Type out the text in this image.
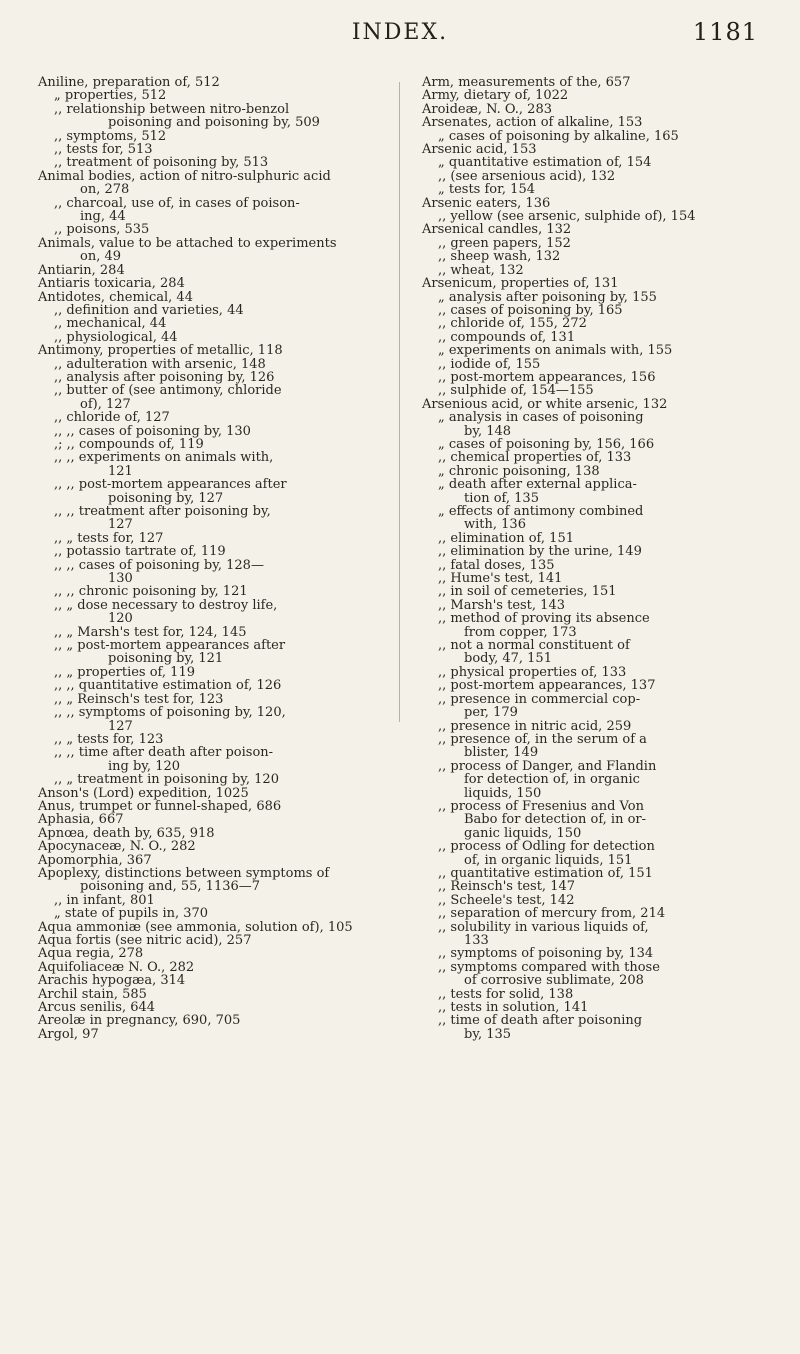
INDEX.	1181

Aniline, preparation of, 512

„ properties, 512

,, relationship between nitro-benzol

poisoning and poisoning by, 509

,, symptoms, 512

,, tests for, 513

,, treatment of poisoning by, 513

Animal bodies, action of nitro-sulphuric acid

on, 278

,, charcoal, use of, in cases of poison-

ing, 44

,, poisons, 535

Animals, value to be attached to experiments

on, 49

Antiarin, 284

Antiaris toxicaria, 284

Antidotes, chemical, 44

,, definition and varieties, 44

,, mechanical, 44

,, physiological, 44

Antimony, properties of metallic, 118

,, adulteration with arsenic, 148

,, analysis after poisoning by, 126

,, butter of (see antimony, chloride

of), 127

,, chloride of, 127

,, ,, cases of poisoning by, 130

,; ,, compounds of, 119

,, ,, experiments on animals with,

121

,, ,, post-mortem appearances after

poisoning by, 127

,, ,, treatment after poisoning by,

127

,, „ tests for, 127

,, potassio tartrate of, 119

,, ,, cases of poisoning by, 128—

130

,, ,, chronic poisoning by, 121

,, „ dose necessary to destroy life,

120

,, „ Marsh's test for, 124, 145

,, „ post-mortem appearances after

poisoning by, 121

,, „ properties of, 119

,, ,, quantitative estimation of, 126

,, „ Reinsch's test for, 123

,, ,, symptoms of poisoning by, 120,

127

,, „ tests for, 123

,, ,, time after death after poison-

ing by, 120

,, „ treatment in poisoning by, 120

Anson's (Lord) expedition, 1025

Anus, trumpet or funnel-shaped, 686

Aphasia, 667

Apnœa, death by, 635, 918

Apocynaceæ, N. O., 282

Apomorphia, 367

Apoplexy, distinctions between symptoms of

poisoning and, 55, 1136—7

,, in infant, 801

„ state of pupils in, 370

Aqua ammoniæ (see ammonia, solution of), 105

Aqua fortis (see nitric acid), 257

Aqua regia, 278

Aquifoliaceæ N. O., 282

Arachis hypogæa, 314

Archil stain, 585

Arcus senilis, 644

Areolæ in pregnancy, 690, 705

Argol, 97

Arm, measurements of the, 657

Army, dietary of, 1022

Aroideæ, N. O., 283

Arsenates, action of alkaline, 153

„ cases of poisoning by alkaline, 165

Arsenic acid, 153

„ quantitative estimation of, 154

,, (see arsenious acid), 132

„ tests for, 154

Arsenic eaters, 136

,, yellow (see arsenic, sulphide of), 154

Arsenical candles, 132

,, green papers, 152

,, sheep wash, 132

,, wheat, 132

Arsenicum, properties of, 131

„ analysis after poisoning by, 155

,, cases of poisoning by, 165

,, chloride of, 155, 272

,, compounds of, 131

„ experiments on animals with, 155

,, iodide of, 155

,, post-mortem appearances, 156

,, sulphide of, 154—155

Arsenious acid, or white arsenic, 132

„ analysis in cases of poisoning

by, 148

„ cases of poisoning by, 156, 166

,, chemical properties of, 133

„ chronic poisoning, 138

„ death after external applica-

tion of, 135

„ effects of antimony combined

with, 136

,, elimination of, 151

,, elimination by the urine, 149

,, fatal doses, 135

,, Hume's test, 141

,, in soil of cemeteries, 151

,, Marsh's test, 143

,, method of proving its absence

from copper, 173

,, not a normal constituent of

body, 47, 151

,, physical properties of, 133

,, post-mortem appearances, 137

,, presence in commercial cop-

per, 179

,, presence in nitric acid, 259

,, presence of, in the serum of a

blister, 149

,, process of Danger, and Flandin

for detection of, in organic

liquids, 150

,, process of Fresenius and Von

Babo for detection of, in or-

ganic liquids, 150

,, process of Odling for detection

of, in organic liquids, 151

,, quantitative estimation of, 151

,, Reinsch's test, 147

,, Scheele's test, 142

,, separation of mercury from, 214

,, solubility in various liquids of,

133

,, symptoms of poisoning by, 134

,, symptoms compared with those

of corrosive sublimate, 208

,, tests for solid, 138

,, tests in solution, 141

,, time of death after poisoning

by, 135
